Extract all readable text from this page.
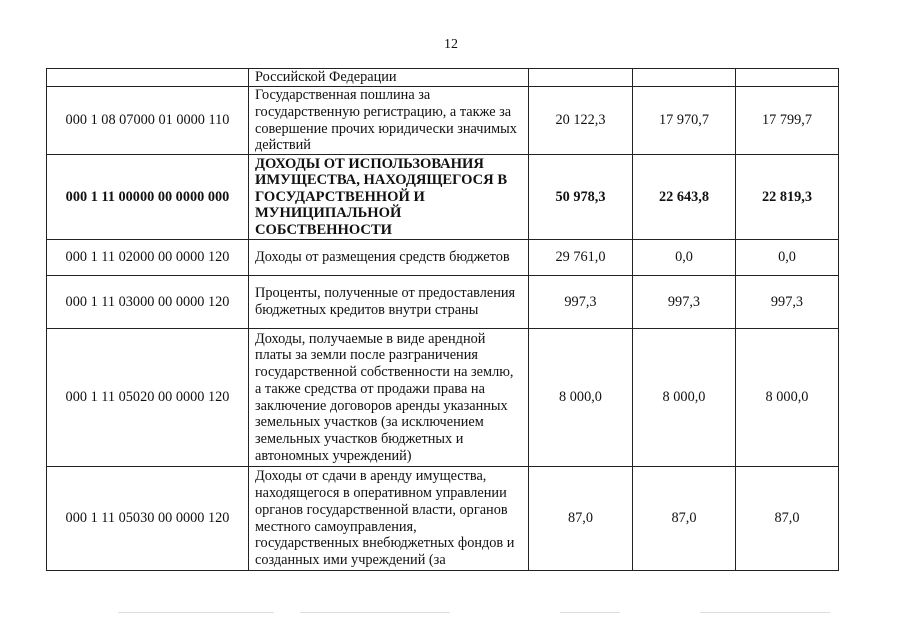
12
	Российской Федерации			
000 1 08 07000 01 0000 110	Государственная пошлина за государственную регистрацию, а также за совершение прочих юридически значимых действий	20 122,3	17 970,7	17 799,7
000 1 11 00000 00 0000 000	ДОХОДЫ ОТ ИСПОЛЬЗОВАНИЯ ИМУЩЕСТВА, НАХОДЯЩЕГОСЯ В ГОСУДАРСТВЕННОЙ И МУНИЦИПАЛЬНОЙ СОБСТВЕННОСТИ	50 978,3	22 643,8	22 819,3
000 1 11 02000 00 0000 120	Доходы от размещения средств бюджетов	29 761,0	0,0	0,0
000 1 11 03000 00 0000 120	Проценты, полученные от предоставления бюджетных кредитов внутри страны	997,3	997,3	997,3
000 1 11 05020 00 0000 120	Доходы, получаемые в виде арендной платы за земли после разграничения государственной собственности на землю, а также средства от продажи права на заключение договоров аренды указанных земельных участков (за исключением земельных участков бюджетных и автономных учреждений)	8 000,0	8 000,0	8 000,0
000 1 11 05030 00 0000 120	Доходы от сдачи в аренду имущества, находящегося в оперативном управлении органов государственной власти, органов местного самоуправления, государственных внебюджетных фондов и созданных ими учреждений (за	87,0	87,0	87,0
